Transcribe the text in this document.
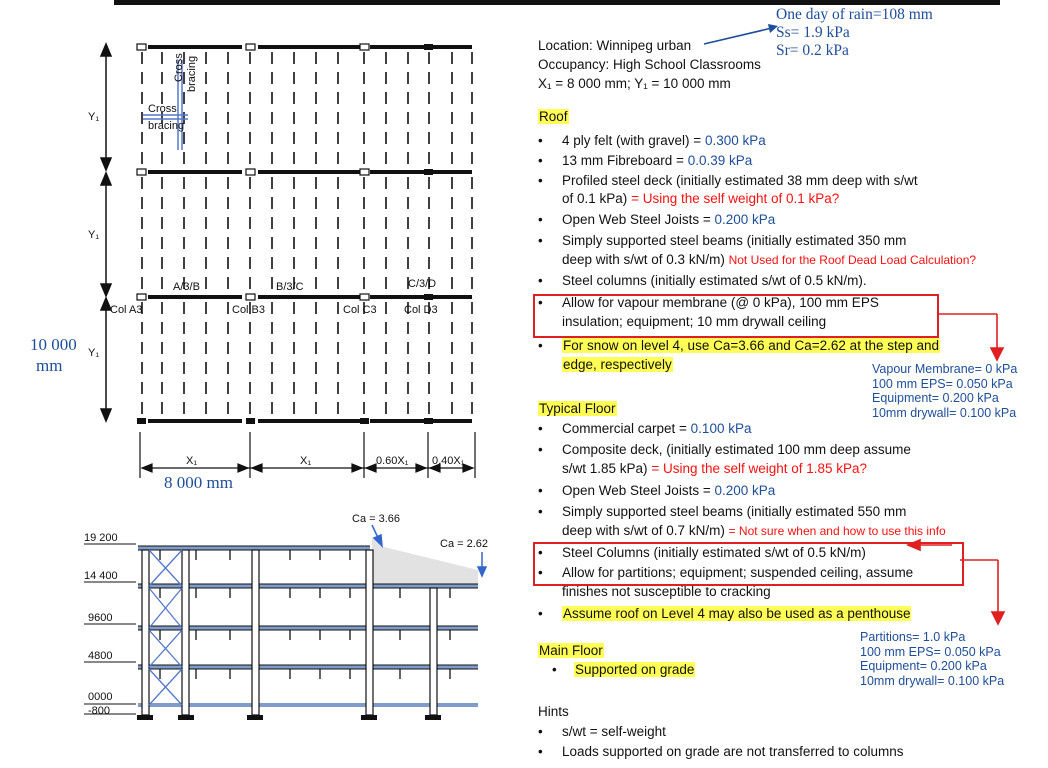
Y₁
Y₁
Y₁
Cross bracing
Cross
bracing
A/3/B	B/3/C	C/3/D
Col A3	Col B3	Col C3 Col D3
X₁	X₁	0.60X₁ 0.40X₁
10 000
mm
8 000 mm
Ca = 3.66
Ca = 2.62
19 200
14 400
9600
4800
0000
-800
One day of rain=108 mm
Ss= 1.9 kPa
Sr= 0.2 kPa
Location: Winnipeg urban
Occupancy: High School Classrooms
X₁ = 8 000 mm; Y₁ = 10 000 mm
Roof
• 4 ply felt (with gravel) = 0.300 kPa
• 13 mm Fibreboard = 0.0.39 kPa
• Profiled steel deck (initially estimated 38 mm deep with s/wt
of 0.1 kPa) = Using the self weight of 0.1 kPa?
• Open Web Steel Joists = 0.200 kPa
• Simply supported steel beams (initially estimated 350 mm
deep with s/wt of 0.3 kN/m) Not Used for the Roof Dead Load Calculation?
• Steel columns (initially estimated s/wt of 0.5 kN/m).
• Allow for vapour membrane (@ 0 kPa), 100 mm EPS
insulation; equipment; 10 mm drywall ceiling
• For snow on level 4, use Ca=3.66 and Ca=2.62 at the step and
edge, respectively
Typical Floor
• Commercial carpet = 0.100 kPa
• Composite deck, (initially estimated 100 mm deep assume
s/wt 1.85 kPa) = Using the self weight of 1.85 kPa?
• Open Web Steel Joists = 0.200 kPa
• Simply supported steel beams (initially estimated 550 mm
deep with s/wt of 0.7 kN/m) = Not sure when and how to use this info
• Steel Columns (initially estimated s/wt of 0.5 kN/m)
• Allow for partitions; equipment; suspended ceiling, assume
finishes not susceptible to cracking
• Assume roof on Level 4 may also be used as a penthouse
Main Floor
• Supported on grade
Hints
• s/wt = self-weight
• Loads supported on grade are not transferred to columns
Vapour Membrane= 0 kPa
100 mm EPS= 0.050 kPa
Equipment= 0.200 kPa
10mm drywall= 0.100 kPa
Partitions= 1.0 kPa
100 mm EPS= 0.050 kPa
Equipment= 0.200 kPa
10mm drywall= 0.100 kPa
